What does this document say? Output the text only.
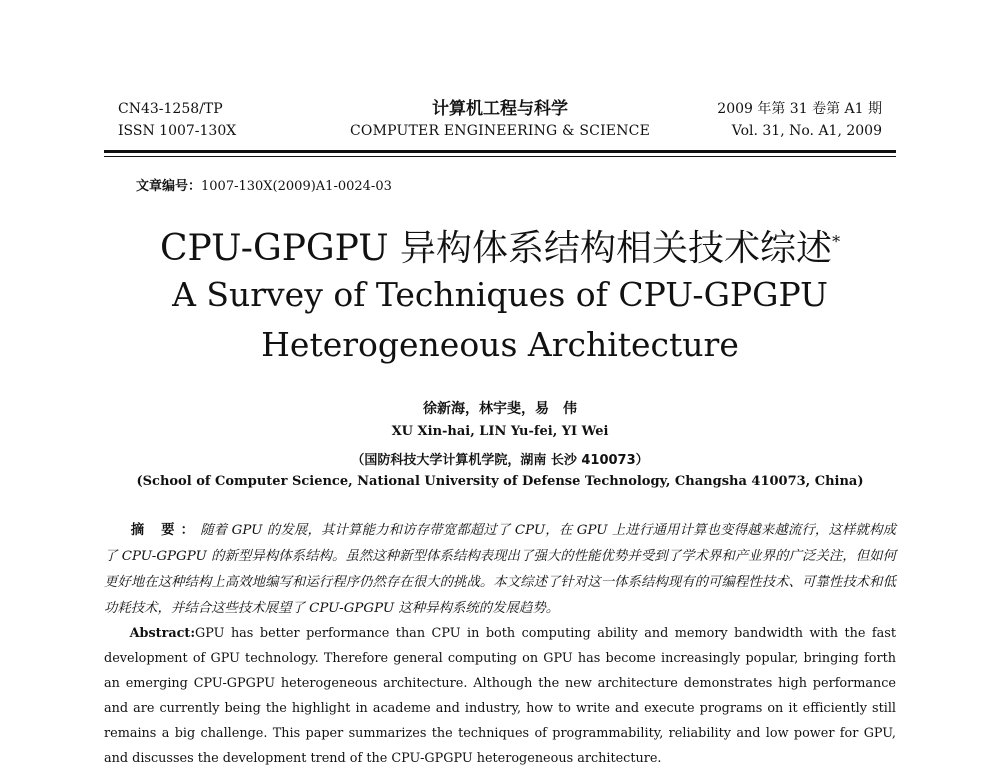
CN43-1258/TP
ISSN 1007-130X
计算机工程与科学
COMPUTER ENGINEERING & SCIENCE
2009 年第 31 卷第 A1 期
Vol. 31, No. A1, 2009
文章编号：1007-130X(2009)A1-0024-03
CPU-GPGPU 异构体系结构相关技术综述*
A Survey of Techniques of CPU-GPGPU
Heterogeneous Architecture
徐新海，林宇斐，易　伟
XU Xin-hai, LIN Yu-fei, YI Wei
（国防科技大学计算机学院，湖南 长沙 410073）
(School of Computer Science, National University of Defense Technology, Changsha 410073, China)
摘 要：随着 GPU 的发展，其计算能力和访存带宽都超过了 CPU，在 GPU 上进行通用计算也变得越来越流行，这样就构成了 CPU-GPGPU 的新型异构体系结构。虽然这种新型体系结构表现出了强大的性能优势并受到了学术界和产业界的广泛关注，但如何更好地在这种结构上高效地编写和运行程序仍然存在很大的挑战。本文综述了针对这一体系结构现有的可编程性技术、可靠性技术和低功耗技术，并结合这些技术展望了 CPU-GPGPU 这种异构系统的发展趋势。
Abstract:GPU has better performance than CPU in both computing ability and memory bandwidth with the fast development of GPU technology. Therefore general computing on GPU has become increasingly popular, bringing forth an emerging CPU-GPGPU heterogeneous architecture. Although the new architecture demonstrates high performance and are currently being the highlight in academe and industry, how to write and execute programs on it efficiently still remains a big challenge. This paper summarizes the techniques of programmability, reliability and low power for GPU, and discusses the development trend of the CPU-GPGPU heterogeneous architecture.
